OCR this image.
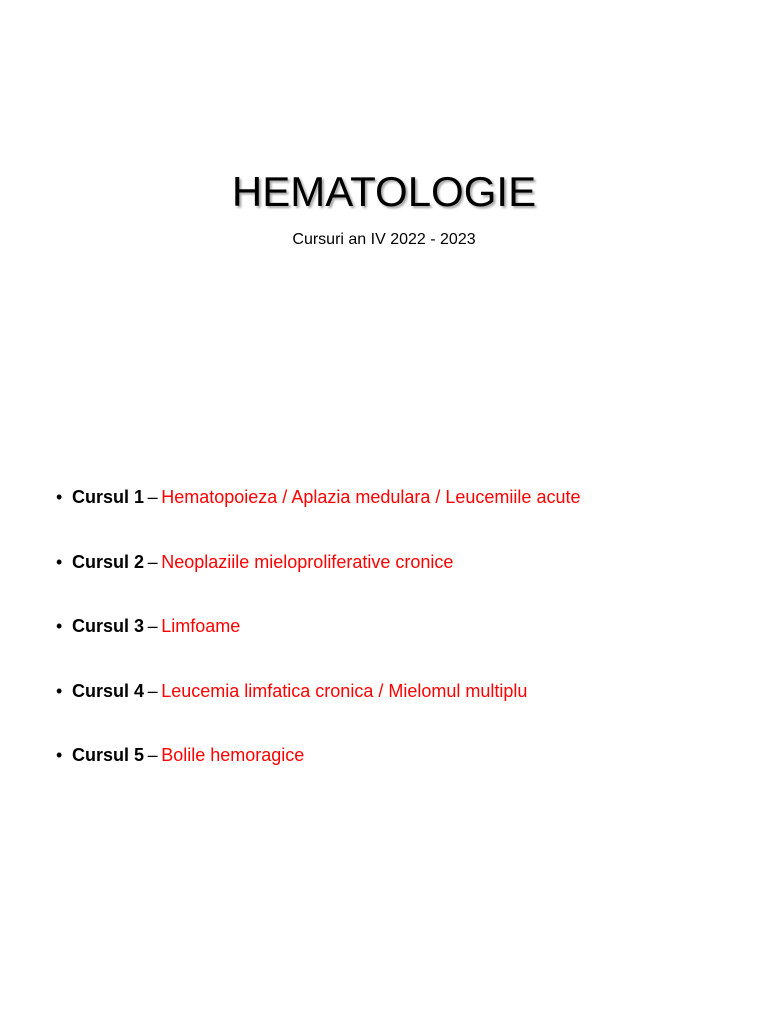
HEMATOLOGIE

Cursuri an IV 2022 - 2023

• Cursul 1 – Hematopoieza / Aplazia medulara / Leucemiile acute
• Cursul 2 – Neoplaziile mieloproliferative cronice
• Cursul 3 – Limfoame
• Cursul 4 – Leucemia limfatica cronica / Mielomul multiplu
• Cursul 5 – Bolile hemoragice
